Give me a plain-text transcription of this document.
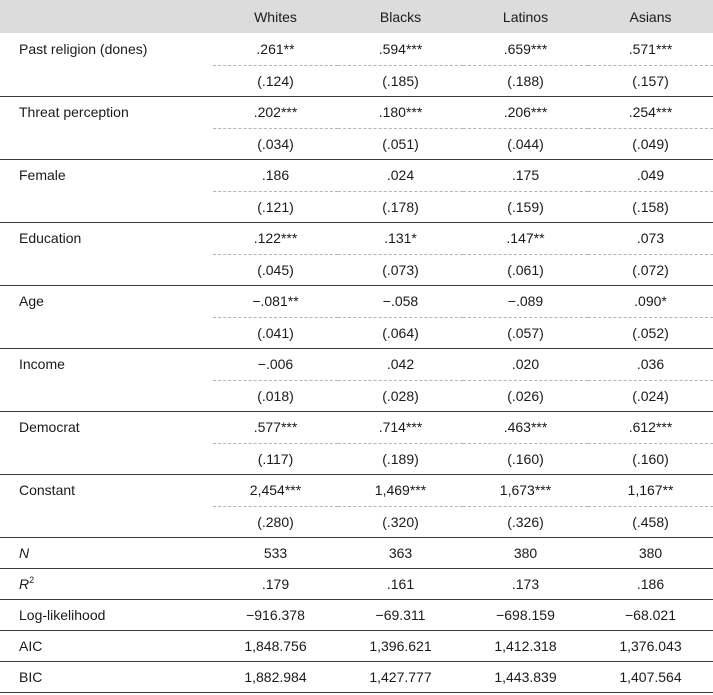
	Whites	Blacks	Latinos	Asians
Past religion (dones)	.261**	.594***	.659***	.571***
	(.124)	(.185)	(.188)	(.157)
Threat perception	.202***	.180***	.206***	.254***
	(.034)	(.051)	(.044)	(.049)
Female	.186	.024	.175	.049
	(.121)	(.178)	(.159)	(.158)
Education	.122***	.131*	.147**	.073
	(.045)	(.073)	(.061)	(.072)
Age	−.081**	−.058	−.089	.090*
	(.041)	(.064)	(.057)	(.052)
Income	−.006	.042	.020	.036
	(.018)	(.028)	(.026)	(.024)
Democrat	.577***	.714***	.463***	.612***
	(.117)	(.189)	(.160)	(.160)
Constant	2,454***	1,469***	1,673***	1,167**
	(.280)	(.320)	(.326)	(.458)
N	533	363	380	380
$R^2$	.179	.161	.173	.186
Log-likelihood	−916.378	−69.311	−698.159	−68.021
AIC	1,848.756	1,396.621	1,412.318	1,376.043
BIC	1,882.984	1,427.777	1,443.839	1,407.564
